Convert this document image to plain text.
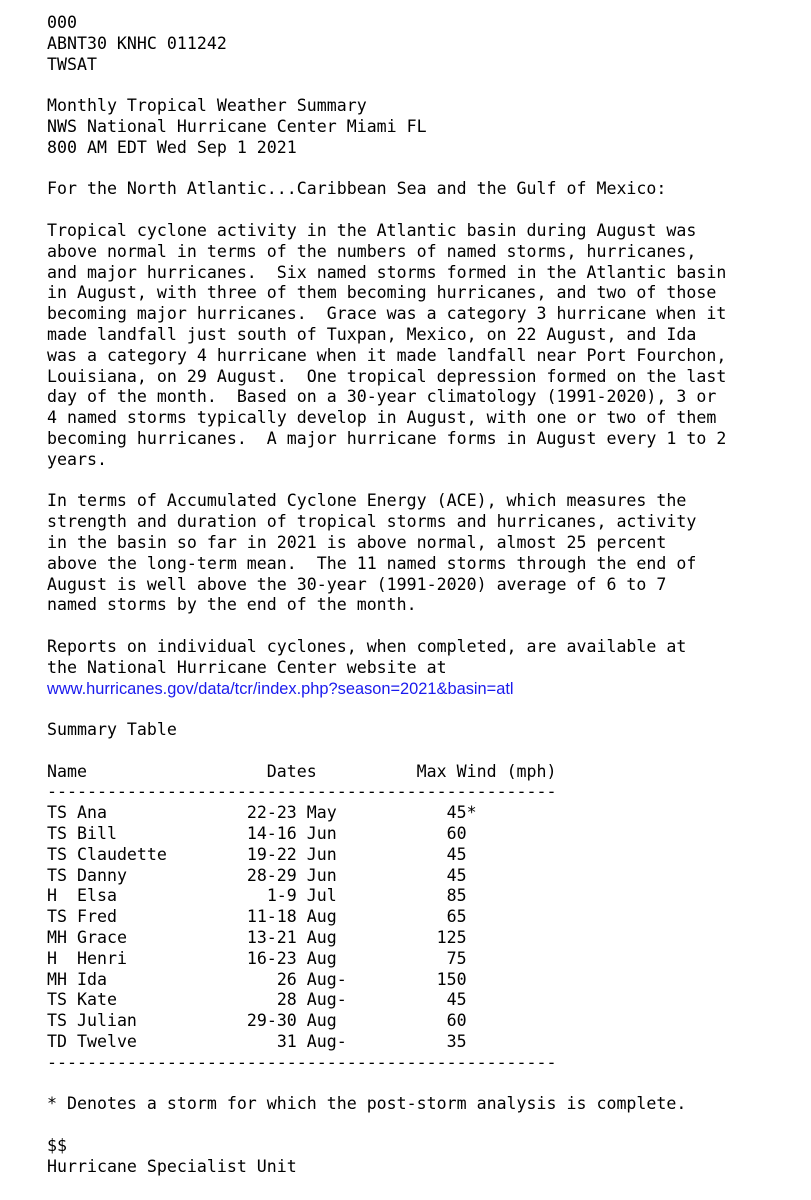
000
ABNT30 KNHC 011242
TWSAT
Monthly Tropical Weather Summary
NWS National Hurricane Center Miami FL
800 AM EDT Wed Sep 1 2021
For the North Atlantic...Caribbean Sea and the Gulf of Mexico:
Tropical cyclone activity in the Atlantic basin during August was
above normal in terms of the numbers of named storms, hurricanes,
and major hurricanes.  Six named storms formed in the Atlantic basin
in August, with three of them becoming hurricanes, and two of those
becoming major hurricanes.  Grace was a category 3 hurricane when it
made landfall just south of Tuxpan, Mexico, on 22 August, and Ida
was a category 4 hurricane when it made landfall near Port Fourchon,
Louisiana, on 29 August.  One tropical depression formed on the last
day of the month.  Based on a 30-year climatology (1991-2020), 3 or
4 named storms typically develop in August, with one or two of them
becoming hurricanes.  A major hurricane forms in August every 1 to 2
years.
In terms of Accumulated Cyclone Energy (ACE), which measures the
strength and duration of tropical storms and hurricanes, activity
in the basin so far in 2021 is above normal, almost 25 percent
above the long-term mean.  The 11 named storms through the end of
August is well above the 30-year (1991-2020) average of 6 to 7
named storms by the end of the month.
Reports on individual cyclones, when completed, are available at
the National Hurricane Center website at
www.hurricanes.gov/data/tcr/index.php?season=2021&basin=atl
Summary Table
Name	Dates	Max Wind (mph)
---------------------------------------------------
TS Ana	22-23 May	45*
TS Bill	14-16 Jun	60
TS Claudette	19-22 Jun	45
TS Danny	28-29 Jun	45
H Elsa	1-9 Jul	85
TS Fred	11-18 Aug	65
MH Grace	13-21 Aug	125
H Henri	16-23 Aug	75
MH Ida	26 Aug-	150
TS Kate	28 Aug-	45
TS Julian	29-30 Aug	60
TD Twelve	31 Aug-	35
---------------------------------------------------
* Denotes a storm for which the post-storm analysis is complete.
$$
Hurricane Specialist Unit
